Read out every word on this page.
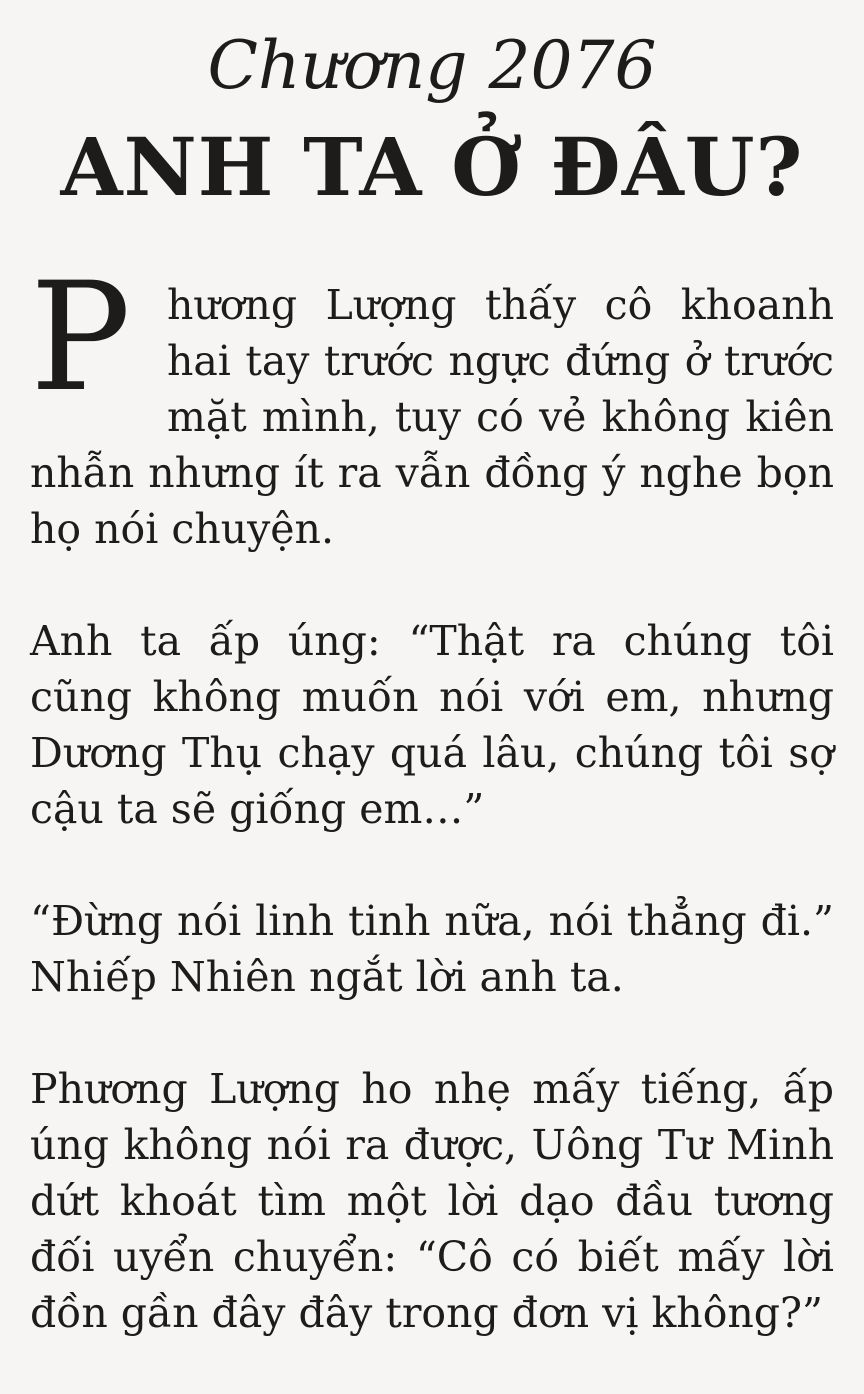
Chương 2076
ANH TA Ở ĐÂU?

Phương Lượng thấy cô khoanh hai tay trước ngực đứng ở trước mặt mình, tuy có vẻ không kiên nhẫn nhưng ít ra vẫn đồng ý nghe bọn họ nói chuyện.

Anh ta ấp úng: “Thật ra chúng tôi cũng không muốn nói với em, nhưng Dương Thụ chạy quá lâu, chúng tôi sợ cậu ta sẽ giống em…”

“Đừng nói linh tinh nữa, nói thẳng đi.” Nhiếp Nhiên ngắt lời anh ta.

Phương Lượng ho nhẹ mấy tiếng, ấp úng không nói ra được, Uông Tư Minh dứt khoát tìm một lời dạo đầu tương đối uyển chuyển: “Cô có biết mấy lời đồn gần đây đây trong đơn vị không?”
